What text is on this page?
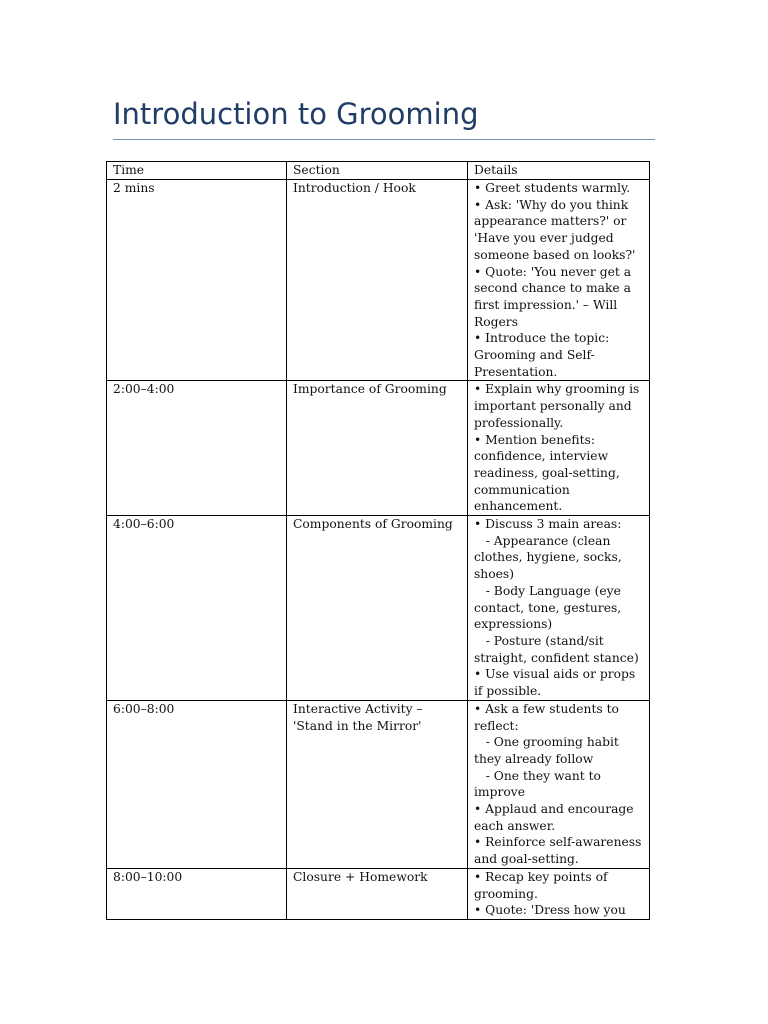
Introduction to Grooming
Time	Section	Details
2 mins	Introduction / Hook	• Greet students warmly.
• Ask: 'Why do you think appearance matters?' or 'Have you ever judged someone based on looks?'
• Quote: 'You never get a second chance to make a first impression.' – Will Rogers
• Introduce the topic: Grooming and Self-Presentation.

2:00–4:00	Importance of Grooming	• Explain why grooming is important personally and professionally.
• Mention benefits: confidence, interview readiness, goal-setting, communication enhancement.

4:00–6:00	Components of Grooming	• Discuss 3 main areas:
- Appearance (clean clothes, hygiene, socks, shoes)
- Body Language (eye contact, tone, gestures, expressions)
- Posture (stand/sit straight, confident stance)
• Use visual aids or props if possible.

6:00–8:00	Interactive Activity – 'Stand in the Mirror'	• Ask a few students to reflect:
- One grooming habit they already follow
- One they want to improve
• Applaud and encourage each answer.
• Reinforce self-awareness and goal-setting.

8:00–10:00	Closure + Homework	• Recap key points of grooming.
• Quote: 'Dress how you
